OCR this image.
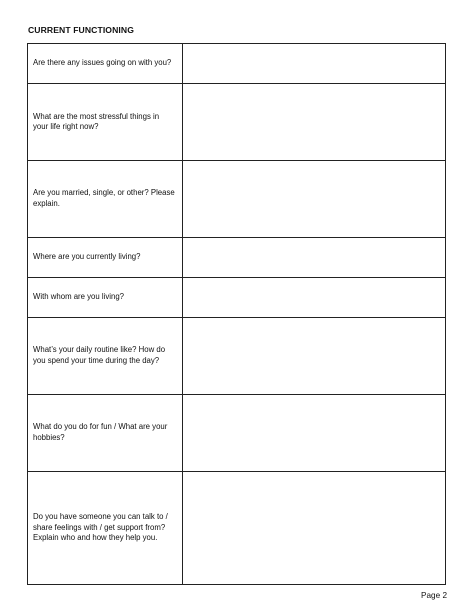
CURRENT FUNCTIONING
Are there any issues going on with you?	

What are the most stressful things in your life right now?	

Are you married, single, or other? Please explain.	

Where are you currently living?	

With whom are you living?	

What’s your daily routine like? How do you spend your time during the day?	

What do you do for fun / What are your hobbies?	

Do you have someone you can talk to / share feelings with / get support from? Explain who and how they help you.	
Page 2
